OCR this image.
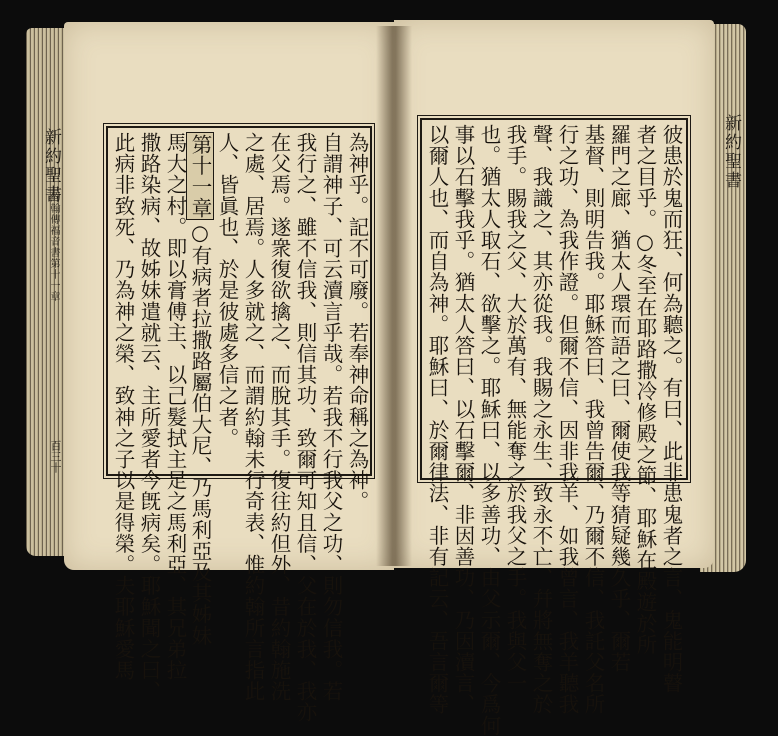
新約聖書
約翰傳福音書第十一章
百三十
新約聖書
為神乎。記不可廢。若奉神命稱之為神。
自謂神子、可云瀆言乎哉。若我不行我父之功、則勿信我。若
我行之、雖不信我、則信其功、致爾可知且信、父在於我、我亦
在父焉。遂衆復欲擒之、而脫其手。復往約但外、昔約翰施洗
之處、居焉。人多就之、而謂約翰未行奇表、惟約翰所言指此
人、皆眞也、於是彼處多信之者。
第十一章○有病者拉撒路屬伯大尼、乃馬利亞及其姊妹
馬大之村。即以膏傅主、以己髮拭主足之馬利亞、其兄弟拉
撒路染病、故姊妹遣就云、主所愛者今旣病矣。耶穌聞之曰、
此病非致死、乃為神之榮、致神之子以是得榮。夫耶穌愛馬	彼患於鬼而狂、何為聽之。有曰、此非患鬼者之言、鬼能明瞽
者之目乎。○冬至在耶路撒冷修殿之節、耶穌在殿遊於所
羅門之廊、猶太人環而語之曰、爾使我等猜疑幾久乎、爾若
基督、則明告我。耶穌答曰、我曾告爾、乃爾不信、我託父名所
行之功、為我作證。但爾不信、因非我羊、如我曾言、我羊聽我
聲、我識之、其亦從我。我賜之永生、致永不亡、幷將無奪之於
我手。賜我之父、大於萬有、無能奪之於我父之手。我與父一
也。猶太人取石、欲擊之。耶穌曰、以多善功、由父示爾、今爲何
事以石擊我乎。猶太人答曰、以石擊爾、非因善功、乃因瀆言、
以爾人也、而自為神。耶穌曰、於爾律法、非有記云、吾言爾等
